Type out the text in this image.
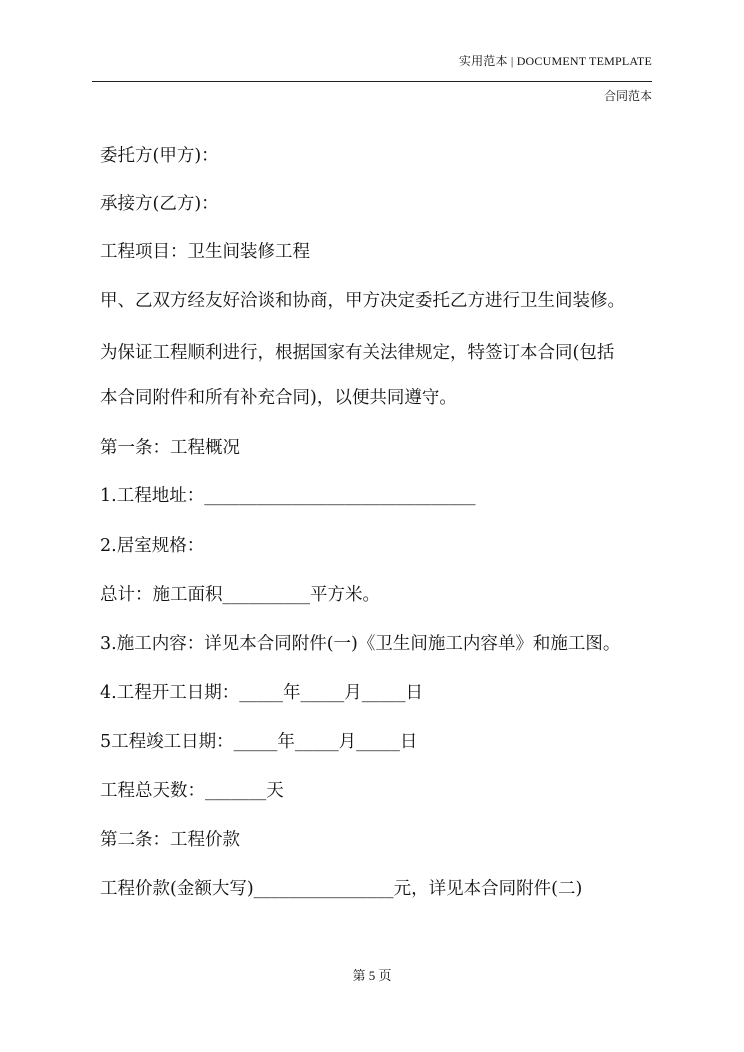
实用范本 | DOCUMENT TEMPLATE
合同范本
委托方(甲方)：
承接方(乙方)：
工程项目：卫生间装修工程
甲、乙双方经友好洽谈和协商，甲方决定委托乙方进行卫生间装修。
为保证工程顺利进行，根据国家有关法律规定，特签订本合同(包括
本合同附件和所有补充合同)，以便共同遵守。
第一条：工程概况
1.工程地址：_______________________________
2.居室规格：
总计：施工面积__________平方米。
3.施工内容：详见本合同附件(一)《卫生间施工内容单》和施工图。
4.工程开工日期：_____年_____月_____日
5工程竣工日期：_____年_____月_____日
工程总天数：_______天
第二条：工程价款
工程价款(金额大写)________________元，详见本合同附件(二)
第 5 页
